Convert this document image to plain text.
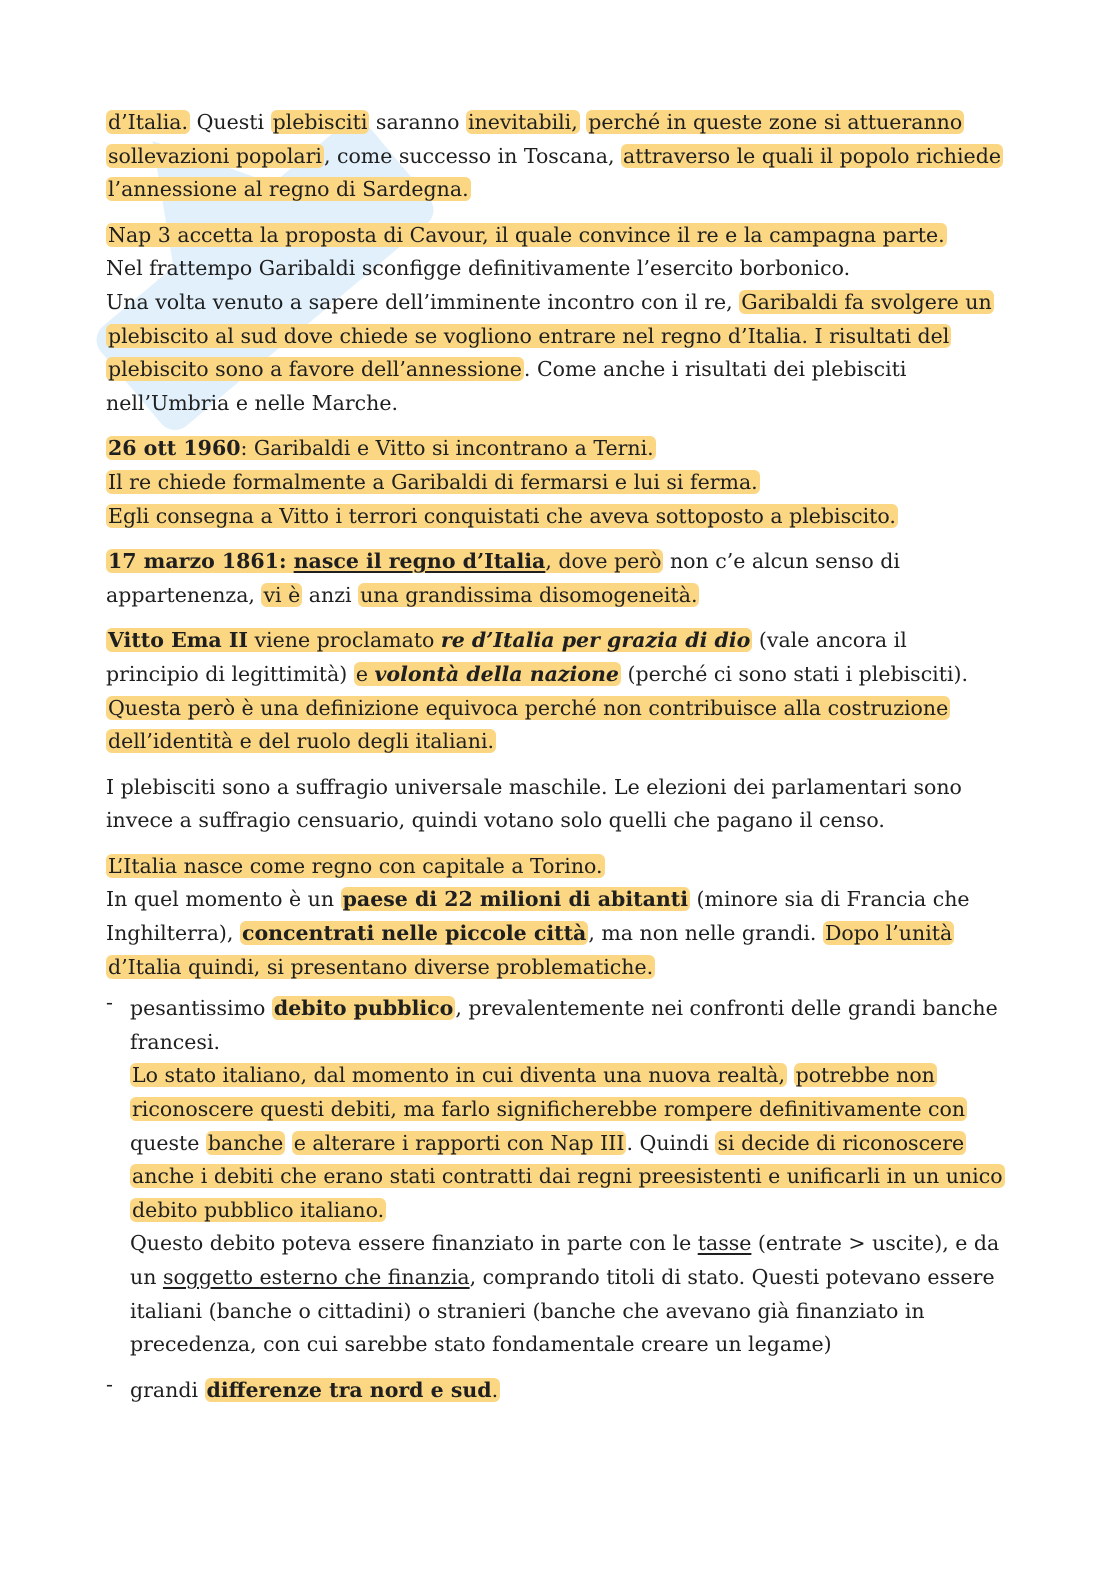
d’Italia. Questi plebisciti saranno inevitabili, perché in queste zone si attueranno sollevazioni popolari, come successo in Toscana, attraverso le quali il popolo richiede l’annessione al regno di Sardegna.

Nap 3 accetta la proposta di Cavour, il quale convince il re e la campagna parte.
Nel frattempo Garibaldi sconfigge definitivamente l’esercito borbonico.
Una volta venuto a sapere dell’imminente incontro con il re, Garibaldi fa svolgere un plebiscito al sud dove chiede se vogliono entrare nel regno d’Italia. I risultati del plebiscito sono a favore dell’annessione. Come anche i risultati dei plebisciti nell’Umbria e nelle Marche.

26 ott 1960: Garibaldi e Vitto si incontrano a Terni.
Il re chiede formalmente a Garibaldi di fermarsi e lui si ferma.
Egli consegna a Vitto i terrori conquistati che aveva sottoposto a plebiscito.

17 marzo 1861: nasce il regno d’Italia, dove però non c’e alcun senso di appartenenza, vi è anzi una grandissima disomogeneità.

Vitto Ema II viene proclamato re d’Italia per grazia di dio (vale ancora il principio di legittimità) e volontà della nazione (perché ci sono stati i plebisciti).
Questa però è una definizione equivoca perché non contribuisce alla costruzione dell’identità e del ruolo degli italiani.

I plebisciti sono a suffragio universale maschile. Le elezioni dei parlamentari sono invece a suffragio censuario, quindi votano solo quelli che pagano il censo.

L’Italia nasce come regno con capitale a Torino.
In quel momento è un paese di 22 milioni di abitanti (minore sia di Francia che Inghilterra), concentrati nelle piccole città, ma non nelle grandi. Dopo l’unità d’Italia quindi, si presentano diverse problematiche.

- pesantissimo debito pubblico, prevalentemente nei confronti delle grandi banche francesi.
Lo stato italiano, dal momento in cui diventa una nuova realtà, potrebbe non riconoscere questi debiti, ma farlo significherebbe rompere definitivamente con queste banche e alterare i rapporti con Nap III. Quindi si decide di riconoscere anche i debiti che erano stati contratti dai regni preesistenti e unificarli in un unico debito pubblico italiano.
Questo debito poteva essere finanziato in parte con le tasse (entrate > uscite), e da un soggetto esterno che finanzia, comprando titoli di stato. Questi potevano essere italiani (banche o cittadini) o stranieri (banche che avevano già finanziato in precedenza, con cui sarebbe stato fondamentale creare un legame)
- grandi differenze tra nord e sud.
